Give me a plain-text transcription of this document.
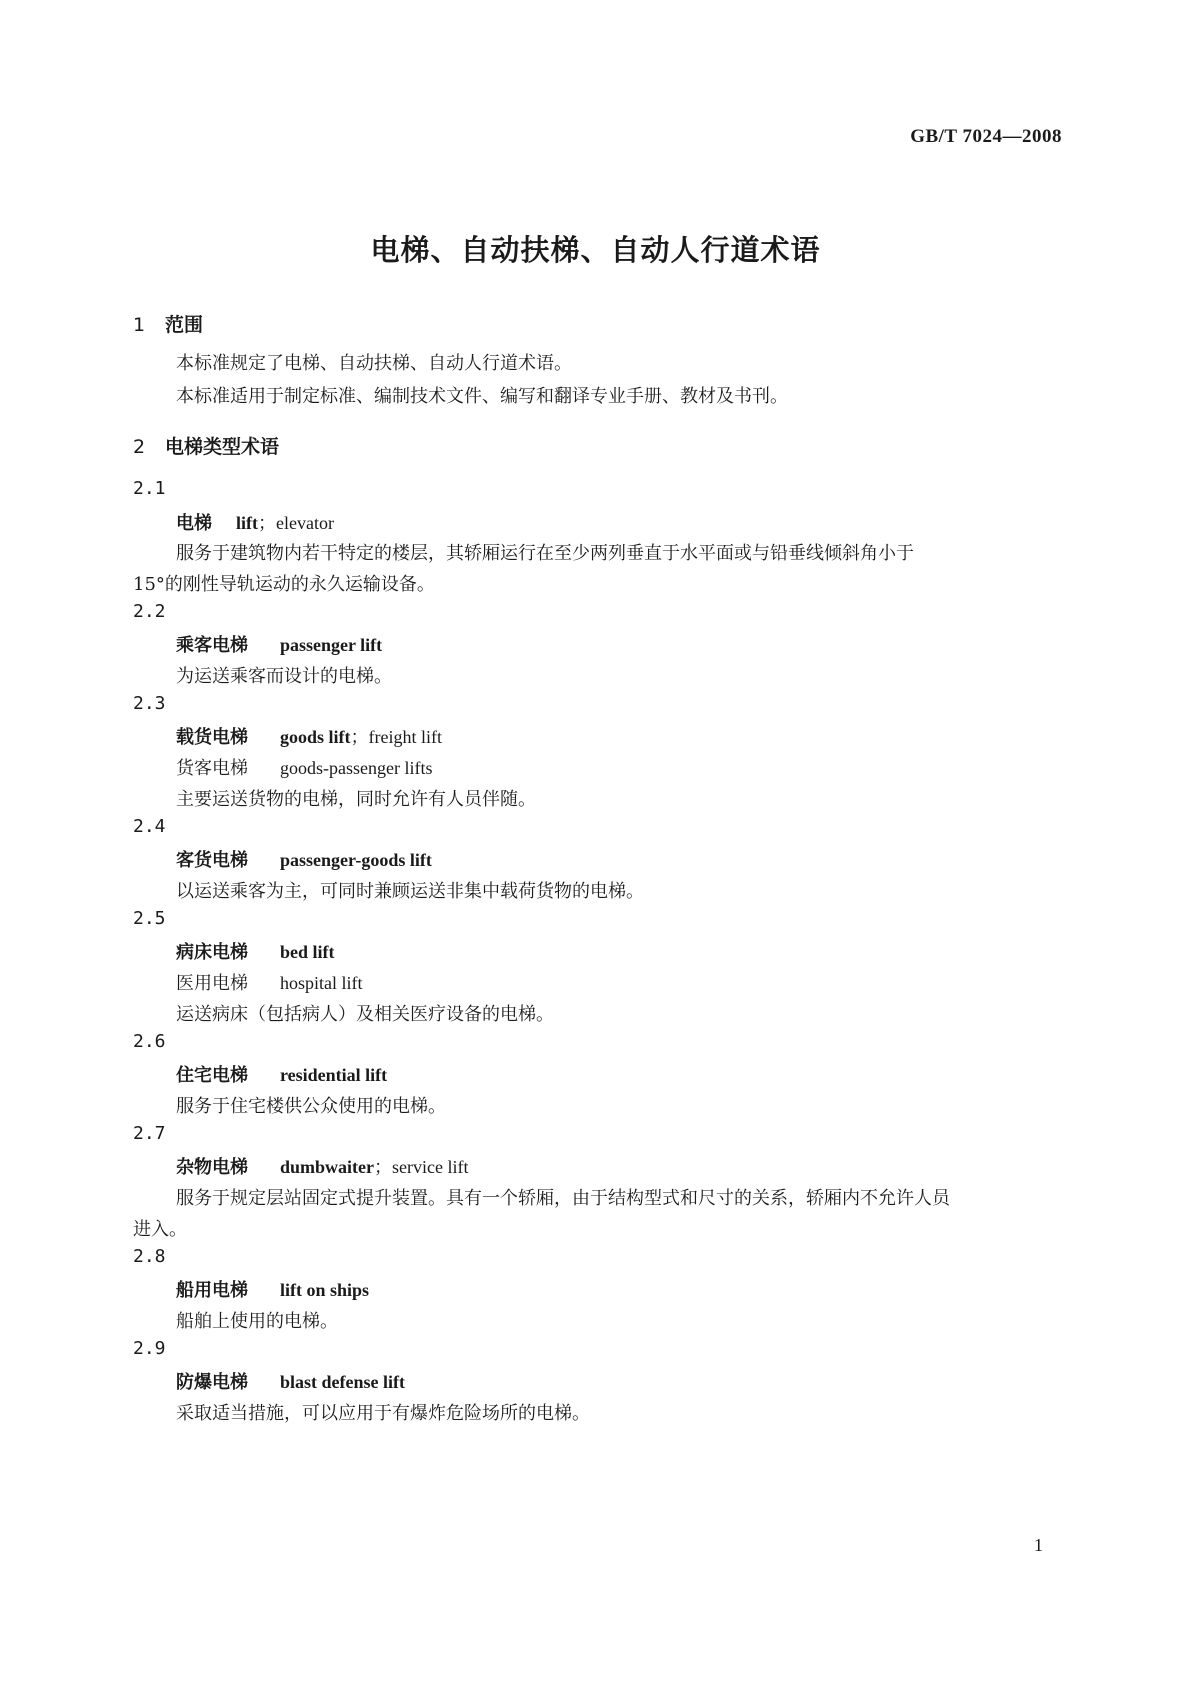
GB/T 7024—2008
电梯、自动扶梯、自动人行道术语
1 范围
本标准规定了电梯、自动扶梯、自动人行道术语。
本标准适用于制定标准、编制技术文件、编写和翻译专业手册、教材及书刊。
2 电梯类型术语
2.1
电梯 lift；elevator
服务于建筑物内若干特定的楼层，其轿厢运行在至少两列垂直于水平面或与铅垂线倾斜角小于
15°的刚性导轨运动的永久运输设备。
2.2
乘客电梯 passenger lift
为运送乘客而设计的电梯。
2.3
载货电梯 goods lift；freight lift
货客电梯 goods-passenger lifts
主要运送货物的电梯，同时允许有人员伴随。
2.4
客货电梯 passenger-goods lift
以运送乘客为主，可同时兼顾运送非集中载荷货物的电梯。
2.5
病床电梯 bed lift
医用电梯 hospital lift
运送病床（包括病人）及相关医疗设备的电梯。
2.6
住宅电梯 residential lift
服务于住宅楼供公众使用的电梯。
2.7
杂物电梯 dumbwaiter；service lift
服务于规定层站固定式提升装置。具有一个轿厢，由于结构型式和尺寸的关系，轿厢内不允许人员
进入。
2.8
船用电梯 lift on ships
船舶上使用的电梯。
2.9
防爆电梯 blast defense lift
采取适当措施，可以应用于有爆炸危险场所的电梯。
1
